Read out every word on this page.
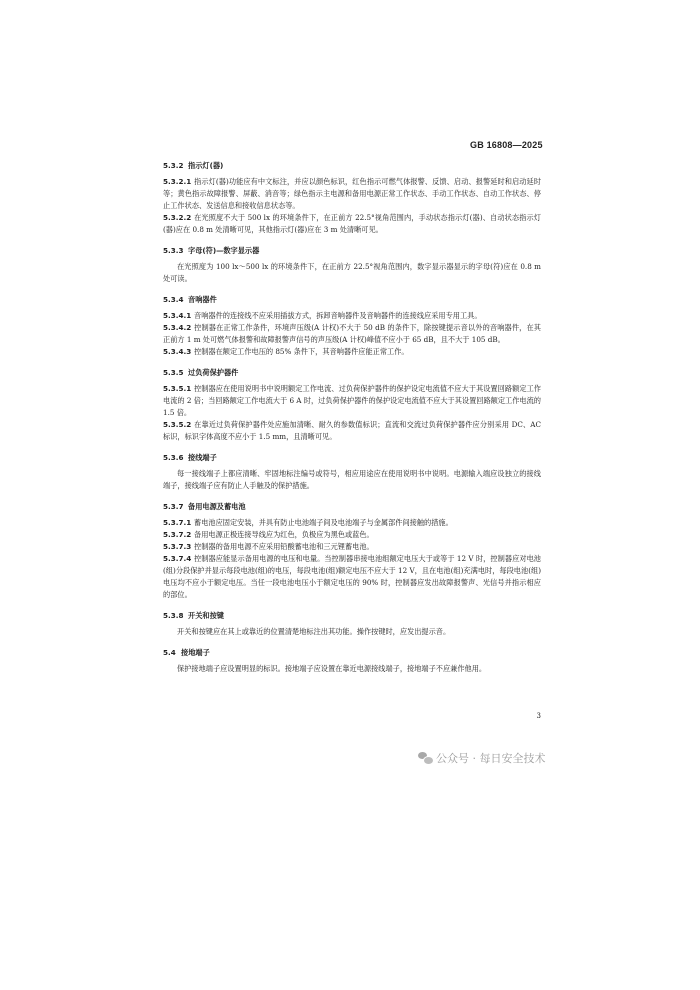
GB 16808—2025
5.3.2 指示灯(器)
5.3.2.1 指示灯(器)功能应有中文标注，并应以颜色标识，红色指示可燃气体报警、反馈、启动、报警延时和启动延时等；黄色指示故障报警、屏蔽、消音等；绿色指示主电源和备用电源正常工作状态、手动工作状态、自动工作状态、停止工作状态、发送信息和接收信息状态等。
5.3.2.2 在光照度不大于 500 lx 的环境条件下，在正前方 22.5°视角范围内，手动状态指示灯(器)、自动状态指示灯(器)应在 0.8 m 处清晰可见，其他指示灯(器)应在 3 m 处清晰可见。
5.3.3 字母(符)—数字显示器
在光照度为 100 lx～500 lx 的环境条件下，在正前方 22.5°视角范围内，数字显示器显示的字母(符)应在 0.8 m 处可读。
5.3.4 音响器件
5.3.4.1 音响器件的连接线不应采用插拔方式，拆卸音响器件及音响器件的连接线应采用专用工具。
5.3.4.2 控制器在正常工作条件，环境声压级(A 计权)不大于 50 dB 的条件下，除按键提示音以外的音响器件，在其正前方 1 m 处可燃气体报警和故障报警声信号的声压级(A 计权)峰值不应小于 65 dB，且不大于 105 dB。
5.3.4.3 控制器在额定工作电压的 85% 条件下，其音响器件应能正常工作。
5.3.5 过负荷保护器件
5.3.5.1 控制器应在使用说明书中说明额定工作电流、过负荷保护器件的保护设定电流值不应大于其设置回路额定工作电流的 2 倍；当回路额定工作电流大于 6 A 时，过负荷保护器件的保护设定电流值不应大于其设置回路额定工作电流的 1.5 倍。
5.3.5.2 在靠近过负荷保护器件处应施加清晰、耐久的参数值标识；直流和交流过负荷保护器件应分别采用 DC、AC 标识，标识字体高度不应小于 1.5 mm，且清晰可见。
5.3.6 接线端子
每一接线端子上都应清晰、牢固地标注编号或符号，相应用途应在使用说明书中说明。电源输入端应设独立的接线端子，接线端子应有防止人手触及的保护措施。
5.3.7 备用电源及蓄电池
5.3.7.1 蓄电池应固定安装，并具有防止电池端子间及电池端子与金属部件间接触的措施。
5.3.7.2 备用电源正极连接导线应为红色，负极应为黑色或蓝色。
5.3.7.3 控制器的备用电源不应采用铅酸蓄电池和三元锂蓄电池。
5.3.7.4 控制器应能显示备用电源的电压和电量。当控制器串接电池组额定电压大于或等于 12 V 时，控制器应对电池(组)分段保护并显示每段电池(组)的电压，每段电池(组)额定电压不应大于 12 V，且在电池(组)充满电时，每段电池(组)电压均不应小于额定电压。当任一段电池电压小于额定电压的 90% 时，控制器应发出故障报警声、光信号并指示相应的部位。
5.3.8 开关和按键
开关和按键应在其上或靠近的位置清楚地标注出其功能。操作按键时，应发出提示音。
5.4 接地端子
保护接地端子应设置明显的标识。接地端子应设置在靠近电源接线端子，接地端子不应兼作他用。
3
公众号 · 每日安全技术
